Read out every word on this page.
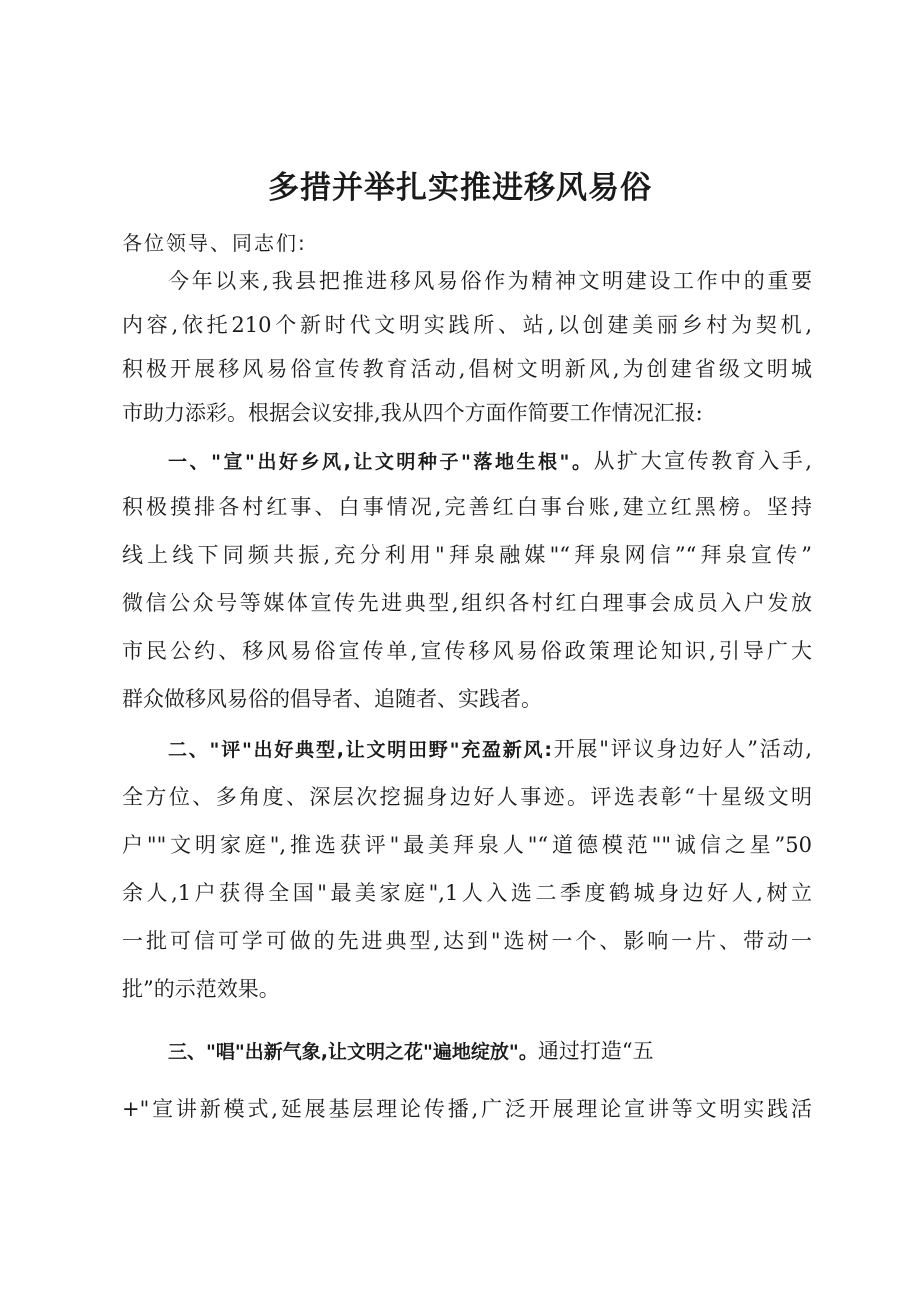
多措并举扎实推进移风易俗
各位领导、同志们:
今年以来,我县把推进移风易俗作为精神文明建设工作中的重要
内容,依托210个新时代文明实践所、站,以创建美丽乡村为契机,
积极开展移风易俗宣传教育活动,倡树文明新风,为创建省级文明城
市助力添彩。根据会议安排,我从四个方面作简要工作情况汇报:
一、"宣"出好乡风,让文明种子"落地生根"。从扩大宣传教育入手,
积极摸排各村红事、白事情况,完善红白事台账,建立红黑榜。坚持
线上线下同频共振,充分利用"拜泉融媒"“拜泉网信”“拜泉宣传”
微信公众号等媒体宣传先进典型,组织各村红白理事会成员入户发放
市民公约、移风易俗宣传单,宣传移风易俗政策理论知识,引导广大
群众做移风易俗的倡导者、追随者、实践者。
二、"评"出好典型,让文明田野"充盈新风:开展"评议身边好人”活动,
全方位、多角度、深层次挖掘身边好人事迹。评选表彰“十星级文明
户""文明家庭",推选获评"最美拜泉人"“道德模范""诚信之星”50
余人,1户获得全国"最美家庭",1人入选二季度鹤城身边好人,树立
一批可信可学可做的先进典型,达到"选树一个、影响一片、带动一
批”的示范效果。
三、"唱"出新气象,让文明之花"遍地绽放"。通过打造“五
+"宣讲新模式,延展基层理论传播,广泛开展理论宣讲等文明实践活
